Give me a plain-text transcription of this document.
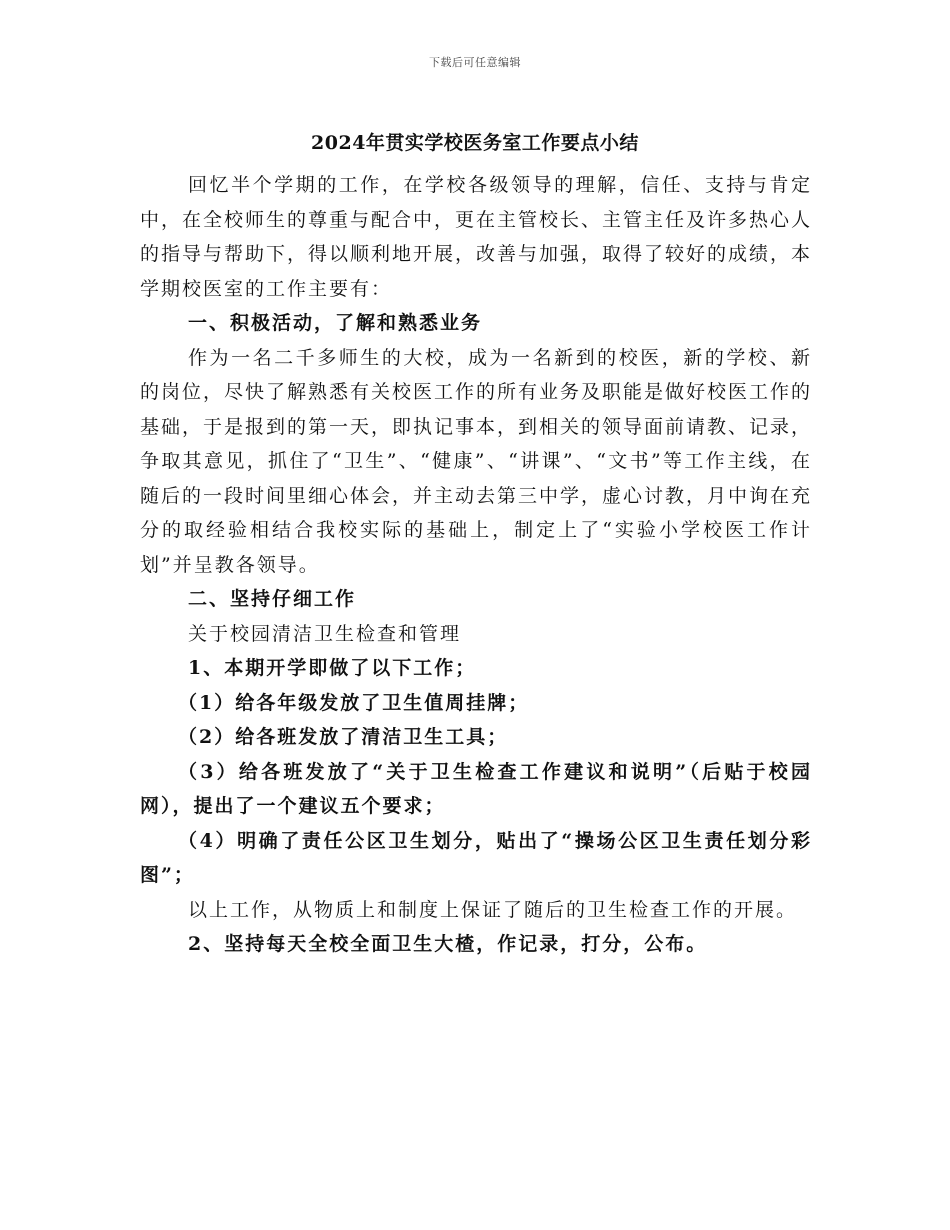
下载后可任意编辑
2024年贯实学校医务室工作要点小结

回忆半个学期的工作，在学校各级领导的理解，信任、支持与肯定中，在全校师生的尊重与配合中，更在主管校长、主管主任及许多热心人的指导与帮助下，得以顺利地开展，改善与加强，取得了较好的成绩，本学期校医室的工作主要有：

一、积极活动，了解和熟悉业务

作为一名二千多师生的大校，成为一名新到的校医，新的学校、新的岗位，尽快了解熟悉有关校医工作的所有业务及职能是做好校医工作的基础，于是报到的第一天，即执记事本，到相关的领导面前请教、记录，争取其意见，抓住了“卫生”、“健康”、“讲课”、“文书”等工作主线，在随后的一段时间里细心体会，并主动去第三中学，虚心讨教，月中询在充分的取经验相结合我校实际的基础上，制定上了“实验小学校医工作计划”并呈教各领导。

二、坚持仔细工作

关于校园清洁卫生检查和管理

1、本期开学即做了以下工作；

（1）给各年级发放了卫生值周挂牌；

（2）给各班发放了清洁卫生工具；

（3）给各班发放了“关于卫生检查工作建议和说明”（后贴于校园网），提出了一个建议五个要求；

（4）明确了责任公区卫生划分，贴出了“操场公区卫生责任划分彩图”；

以上工作，从物质上和制度上保证了随后的卫生检查工作的开展。

2、坚持每天全校全面卫生大楂，作记录，打分，公布。
